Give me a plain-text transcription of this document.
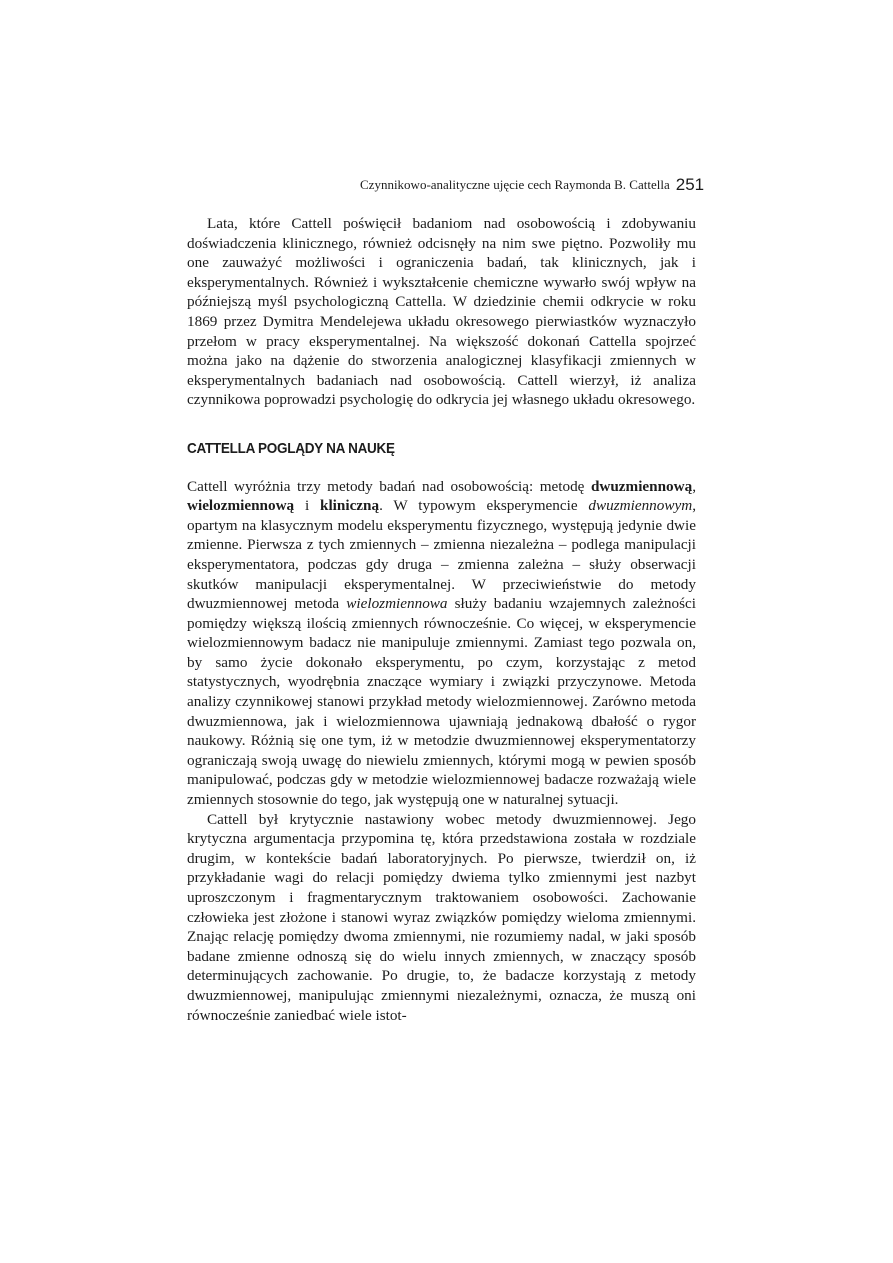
Czynnikowo-analityczne ujęcie cech Raymonda B. Cattella 251

Lata, które Cattell poświęcił badaniom nad osobowością i zdobywaniu doświadczenia klinicznego, również odcisnęły na nim swe piętno. Pozwoliły mu one zauważyć możliwości i ograniczenia badań, tak klinicznych, jak i eksperymentalnych. Również i wykształcenie chemiczne wywarło swój wpływ na późniejszą myśl psychologiczną Cattella. W dziedzinie chemii odkrycie w roku 1869 przez Dymitra Mendelejewa układu okresowego pierwiastków wyznaczyło przełom w pracy eksperymentalnej. Na większość dokonań Cattella spojrzeć można jako na dążenie do stworzenia analogicznej klasyfikacji zmiennych w eksperymentalnych badaniach nad osobowością. Cattell wierzył, iż analiza czynnikowa poprowadzi psychologię do odkrycia jej własnego układu okresowego.

CATTELLA POGLĄDY NA NAUKĘ

Cattell wyróżnia trzy metody badań nad osobowością: metodę dwuzmiennową, wielozmiennową i kliniczną. W typowym eksperymencie dwuzmiennowym, opartym na klasycznym modelu eksperymentu fizycznego, występują jedynie dwie zmienne. Pierwsza z tych zmiennych – zmienna niezależna – podlega manipulacji eksperymentatora, podczas gdy druga – zmienna zależna – służy obserwacji skutków manipulacji eksperymentalnej. W przeciwieństwie do metody dwuzmiennowej metoda wielozmiennowa służy badaniu wzajemnych zależności pomiędzy większą ilością zmiennych równocześnie. Co więcej, w eksperymencie wielozmiennowym badacz nie manipuluje zmiennymi. Zamiast tego pozwala on, by samo życie dokonało eksperymentu, po czym, korzystając z metod statystycznych, wyodrębnia znaczące wymiary i związki przyczynowe. Metoda analizy czynnikowej stanowi przykład metody wielozmiennowej. Zarówno metoda dwuzmiennowa, jak i wielozmiennowa ujawniają jednakową dbałość o rygor naukowy. Różnią się one tym, iż w metodzie dwuzmiennowej eksperymentatorzy ograniczają swoją uwagę do niewielu zmiennych, którymi mogą w pewien sposób manipulować, podczas gdy w metodzie wielozmiennowej badacze rozważają wiele zmiennych stosownie do tego, jak występują one w naturalnej sytuacji.

Cattell był krytycznie nastawiony wobec metody dwuzmiennowej. Jego krytyczna argumentacja przypomina tę, która przedstawiona została w rozdziale drugim, w kontekście badań laboratoryjnych. Po pierwsze, twierdził on, iż przykładanie wagi do relacji pomiędzy dwiema tylko zmiennymi jest nazbyt uproszczonym i fragmentarycznym traktowaniem osobowości. Zachowanie człowieka jest złożone i stanowi wyraz związków pomiędzy wieloma zmiennymi. Znając relację pomiędzy dwoma zmiennymi, nie rozumiemy nadal, w jaki sposób badane zmienne odnoszą się do wielu innych zmiennych, w znaczący sposób determinujących zachowanie. Po drugie, to, że badacze korzystają z metody dwuzmiennowej, manipulując zmiennymi niezależnymi, oznacza, że muszą oni równocześnie zaniedbać wiele istot-
